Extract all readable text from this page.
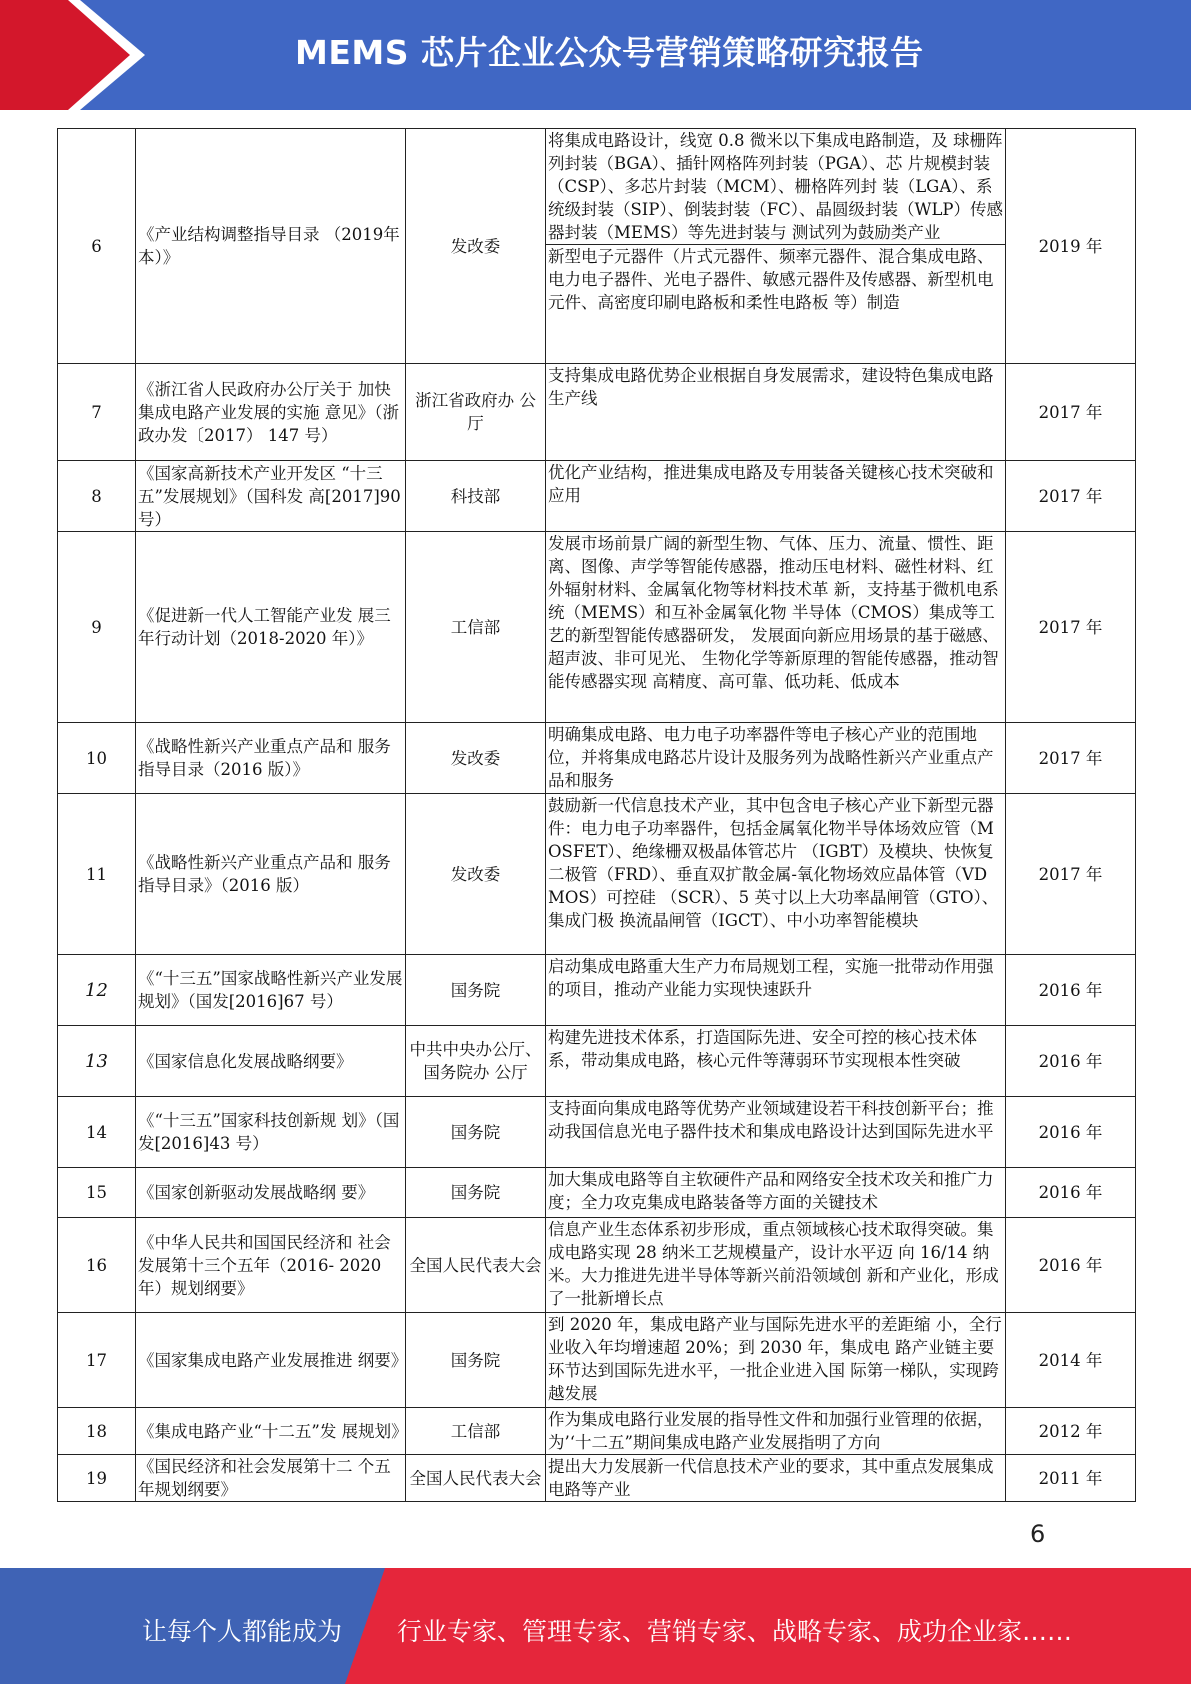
MEMS 芯片企业公众号营销策略研究报告
6	《产业结构调整指导目录 （2019年本）》	发改委	将集成电路设计，线宽 0.8 微米以下集成电路制造，及 球栅阵列封装（BGA）、插针网格阵列封装（PGA）、芯 片规模封装（CSP）、多芯片封装（MCM）、栅格阵列封 装（LGA）、系统级封装（SIP）、倒装封装（FC）、晶圆级封装（WLP）传感器封装（MEMS）等先进封装与 测试列为鼓励类产业
新型电子元器件（片式元器件、频率元器件、混合集成电路、电力电子器件、光电子器件、敏感元器件及传感器、新型机电元件、高密度印刷电路板和柔性电路板 等）制造	2019 年
7	《浙江省人民政府办公厅关于 加快集成电路产业发展的实施 意见》（浙政办发〔2017） 147 号）	浙江省政府办 公厅	支持集成电路优势企业根据自身发展需求，建设特色集成电路生产线	2017 年
8	《国家高新技术产业开发区 “十三五”发展规划》（国科发 高[2017]90 号）	科技部	优化产业结构，推进集成电路及专用装备关键核心技术突破和应用	2017 年
9	《促进新一代人工智能产业发 展三年行动计划（2018-2020 年）》	工信部	发展市场前景广阔的新型生物、气体、压力、流量、惯性、距离、图像、声学等智能传感器，推动压电材料、磁性材料、红外辐射材料、金属氧化物等材料技术革 新，支持基于微机电系统（MEMS）和互补金属氧化物 半导体（CMOS）集成等工艺的新型智能传感器研发， 发展面向新应用场景的基于磁感、超声波、非可见光、 生物化学等新原理的智能传感器，推动智能传感器实现 高精度、高可靠、低功耗、低成本	2017 年
10	《战略性新兴产业重点产品和 服务指导目录（2016 版）》	发改委	明确集成电路、电力电子功率器件等电子核心产业的范围地位，并将集成电路芯片设计及服务列为战略性新兴产业重点产品和服务	2017 年
11	《战略性新兴产业重点产品和 服务指导目录》（2016 版）	发改委	鼓励新一代信息技术产业，其中包含电子核心产业下新型元器件：电力电子功率器件，包括金属氧化物半导体场效应管（MOSFET）、绝缘栅双极晶体管芯片 （IGBT）及模块、快恢复二极管（FRD）、垂直双扩散金属-氧化物场效应晶体管（VDMOS）可控硅 （SCR）、5 英寸以上大功率晶闸管（GTO）、集成门极 换流晶闸管（IGCT）、中小功率智能模块	2017 年
12	《“十三五”国家战略性新兴产业发展规划》（国发[2016]67 号）	国务院	启动集成电路重大生产力布局规划工程，实施一批带动作用强的项目，推动产业能力实现快速跃升	2016 年
13	《国家信息化发展战略纲要》	中共中央办公厅、国务院办 公厅	构建先进技术体系，打造国际先进、安全可控的核心技术体系，带动集成电路，核心元件等薄弱环节实现根本性突破	2016 年
14	《“十三五”国家科技创新规 划》（国发[2016]43 号）	国务院	支持面向集成电路等优势产业领域建设若干科技创新平台；推动我国信息光电子器件技术和集成电路设计达到国际先进水平	2016 年
15	《国家创新驱动发展战略纲 要》	国务院	加大集成电路等自主软硬件产品和网络安全技术攻关和推广力度；全力攻克集成电路装备等方面的关键技术	2016 年
16	《中华人民共和国国民经济和 社会发展第十三个五年（2016- 2020 年）规划纲要》	全国人民代表大会	信息产业生态体系初步形成，重点领域核心技术取得突破。集成电路实现 28 纳米工艺规模量产，设计水平迈 向 16/14 纳米。大力推进先进半导体等新兴前沿领域创 新和产业化，形成了一批新增长点	2016 年
17	《国家集成电路产业发展推进 纲要》	国务院	到 2020 年，集成电路产业与国际先进水平的差距缩 小，全行业收入年均增速超 20%；到 2030 年，集成电 路产业链主要环节达到国际先进水平，一批企业进入国 际第一梯队，实现跨越发展	2014 年
18	《集成电路产业“十二五”发 展规划》	工信部	作为集成电路行业发展的指导性文件和加强行业管理的依据，为’‘十二五”期间集成电路产业发展指明了方向	2012 年
19	《国民经济和社会发展第十二 个五年规划纲要》	全国人民代表大会	提出大力发展新一代信息技术产业的要求，其中重点发展集成电路等产业	2011 年
6
让每个人都能成为 行业专家、管理专家、营销专家、战略专家、成功企业家……
